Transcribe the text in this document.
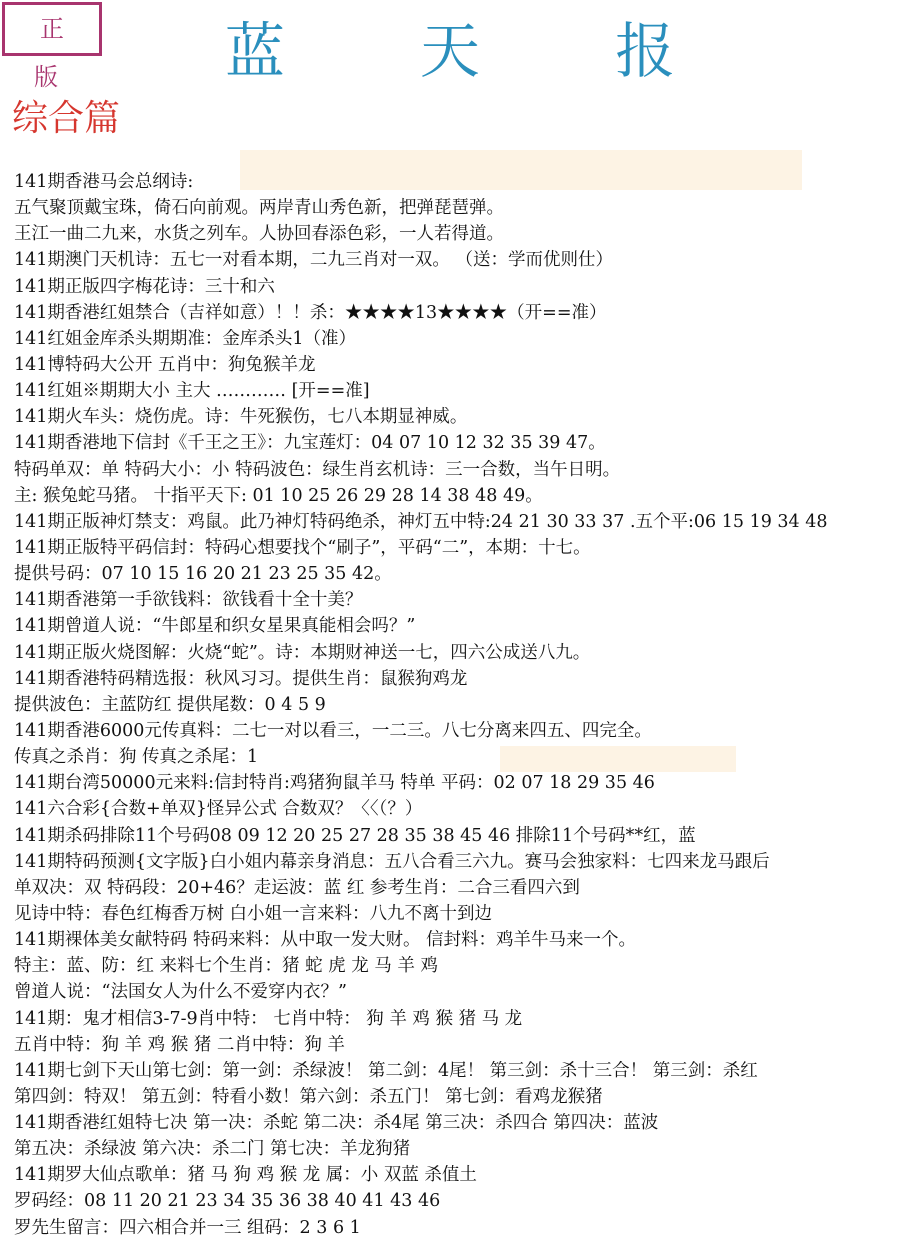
正 版	蓝 天 报
综合篇
141期香港马会总纲诗:
五气聚顶戴宝珠，倚石向前观。两岸青山秀色新，把弹琵琶弹。
王江一曲二九来，水货之列车。人协回春添色彩，一人若得道。
141期澳门天机诗：五七一对看本期，二九三肖对一双。 （送：学而优则仕）
141期正版四字梅花诗：三十和六
141期香港红姐禁合（吉祥如意）！！杀：★★★★13★★★★（开==准）
141红姐金库杀头期期准：金库杀头1（准）
141博特码大公开 五肖中：狗兔猴羊龙
141红姐※期期大小 主大 ………… [开==准]
141期火车头：烧伤虎。诗：牛死猴伤，七八本期显神威。
141期香港地下信封《千王之王》：九宝莲灯：04 07 10 12 32 35 39 47。
特码单双：单 特码大小：小 特码波色：绿生肖玄机诗：三一合数，当午日明。
主: 猴兔蛇马猪。 十指平天下: 01 10 25 26 29 28 14 38 48 49。
141期正版神灯禁支：鸡鼠。此乃神灯特码绝杀，神灯五中特:24 21 30 33 37 .五个平:06 15 19 34 48
141期正版特平码信封：特码心想要找个“刷子”，平码“二”，本期：十七。
提供号码：07 10 15 16 20 21 23 25 35 42。
141期香港第一手欲钱料：欲钱看十全十美？
141期曾道人说：“牛郎星和织女星果真能相会吗？”
141期正版火烧图解：火烧“蛇”。诗：本期财神送一七，四六公成送八九。
141期香港特码精选报：秋风习习。提供生肖：鼠猴狗鸡龙
提供波色：主蓝防红 提供尾数：0 4 5 9
141期香港6000元传真料：二七一对以看三，一二三。八七分离来四五、四完全。
传真之杀肖：狗 传真之杀尾：1
141期台湾50000元来料:信封特肖:鸡猪狗鼠羊马 特单 平码：02 07 18 29 35 46
141六合彩{合数+单双}怪异公式 合数双？〈〈（？）
141期杀码排除11个号码08 09 12 20 25 27 28 35 38 45 46 排除11个号码**红，蓝
141期特码预测{文字版}白小姐内幕亲身消息：五八合看三六九。赛马会独家料：七四来龙马跟后
单双决：双 特码段：20+46？走运波：蓝 红 参考生肖：二合三看四六到
见诗中特：春色红梅香万树 白小姐一言来料：八九不离十到边
141期裸体美女献特码 特码来料：从中取一发大财。 信封料：鸡羊牛马来一个。
特主：蓝、防：红 来料七个生肖：猪 蛇 虎 龙 马 羊 鸡
曾道人说：“法国女人为什么不爱穿内衣？”
141期：鬼才相信3-7-9肖中特： 七肖中特： 狗 羊 鸡 猴 猪 马 龙
五肖中特：狗 羊 鸡 猴 猪 二肖中特：狗 羊
141期七剑下天山第七剑：第一剑：杀绿波！ 第二剑：4尾！ 第三剑：杀十三合！ 第三剑：杀红
第四剑：特双！ 第五剑：特看小数！第六剑：杀五门！ 第七剑：看鸡龙猴猪
141期香港红姐特七决 第一决：杀蛇 第二决：杀4尾 第三决：杀四合 第四决：蓝波
第五决：杀绿波 第六决：杀二门 第七决：羊龙狗猪
141期罗大仙点歌单：猪 马 狗 鸡 猴 龙 属：小 双蓝 杀值土
罗码经：08 11 20 21 23 34 35 36 38 40 41 43 46
罗先生留言：四六相合并一三 组码：2 3 6 1
